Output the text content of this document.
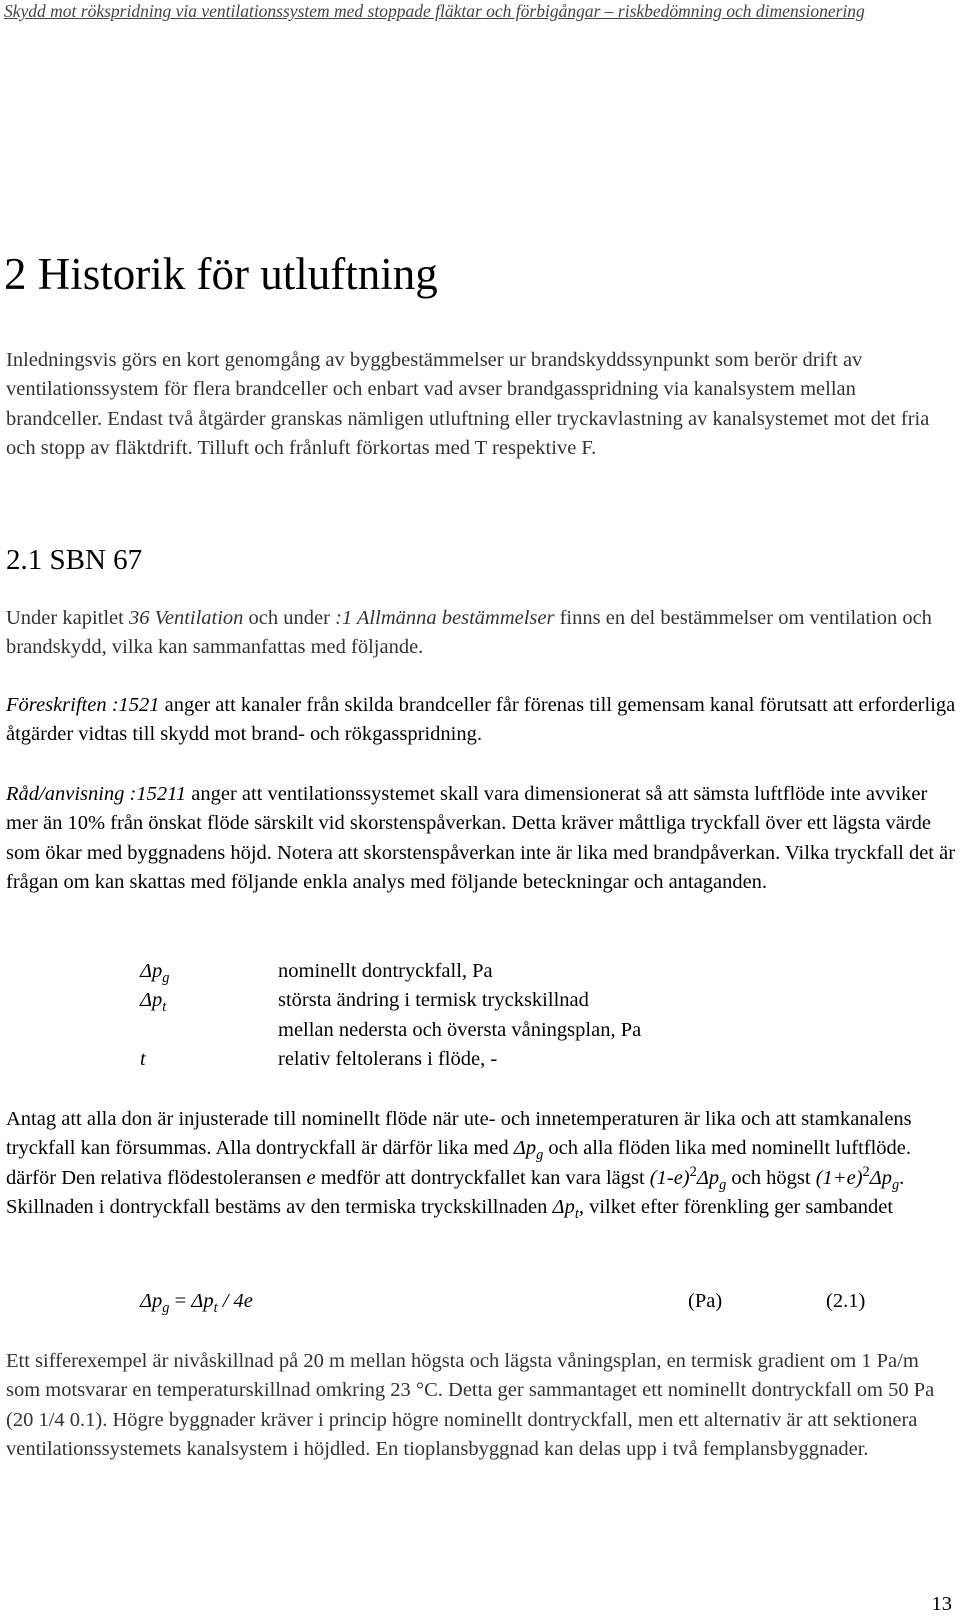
Skydd mot rökspridning via ventilationssystem med stoppade fläktar och förbigångar – riskbedömning och dimensionering
2 Historik för utluftning

Inledningsvis görs en kort genomgång av byggbestämmelser ur brandskyddssynpunkt som berör drift av ventilationssystem för flera brandceller och enbart vad avser brandgasspridning via kanalsystem mellan brandceller. Endast två åtgärder granskas nämligen utluftning eller tryckavlastning av kanalsystemet mot det fria och stopp av fläktdrift. Tilluft och frånluft förkortas med T respektive F.

2.1 SBN 67

Under kapitlet 36 Ventilation och under :1 Allmänna bestämmelser finns en del bestämmelser om ventilation och brandskydd, vilka kan sammanfattas med följande.

Föreskriften :1521 anger att kanaler från skilda brandceller får förenas till gemensam kanal förutsatt att erforderliga åtgärder vidtas till skydd mot brand- och rökgasspridning.

Råd/anvisning :15211 anger att ventilationssystemet skall vara dimensionerat så att sämsta luftflöde inte avviker mer än 10% från önskat flöde särskilt vid skorstenspåverkan. Detta kräver måttliga tryckfall över ett lägsta värde som ökar med byggnadens höjd. Notera att skorstenspåverkan inte är lika med brandpåverkan. Vilka tryckfall det är frågan om kan skattas med följande enkla analys med följande beteckningar och antaganden.

$\Delta p_g$	nominellt dontryckfall, Pa
$\Delta p_t$	största ändring i termisk tryckskillnad
mellan nedersta och översta våningsplan, Pa
t	relativ feltolerans i flöde, -

Antag att alla don är injusterade till nominellt flöde när ute- och innetemperaturen är lika och att stamkanalens tryckfall kan försummas. Alla dontryckfall är därför lika med $\Delta p_g$ och alla flöden lika med nominellt luftflöde. därför Den relativa flödestoleransen e medför att dontryckfallet kan vara lägst $(1-e)^2\Delta p_g$ och högst $(1+e)^2\Delta p_g$. Skillnaden i dontryckfall bestäms av den termiska tryckskillnaden $\Delta p_t$, vilket efter förenkling ger sambandet

$\Delta p_g = \Delta p_t / 4e$	(Pa)	(2.1)

Ett sifferexempel är nivåskillnad på 20 m mellan högsta och lägsta våningsplan, en termisk gradient om 1 Pa/m som motsvarar en temperaturskillnad omkring 23 °C. Detta ger sammantaget ett nominellt dontryckfall om 50 Pa (20 1/4 0.1). Högre byggnader kräver i princip högre nominellt dontryckfall, men ett alternativ är att sektionera ventilationssystemets kanalsystem i höjdled. En tioplansbyggnad kan delas upp i två femplansbyggnader.

13
